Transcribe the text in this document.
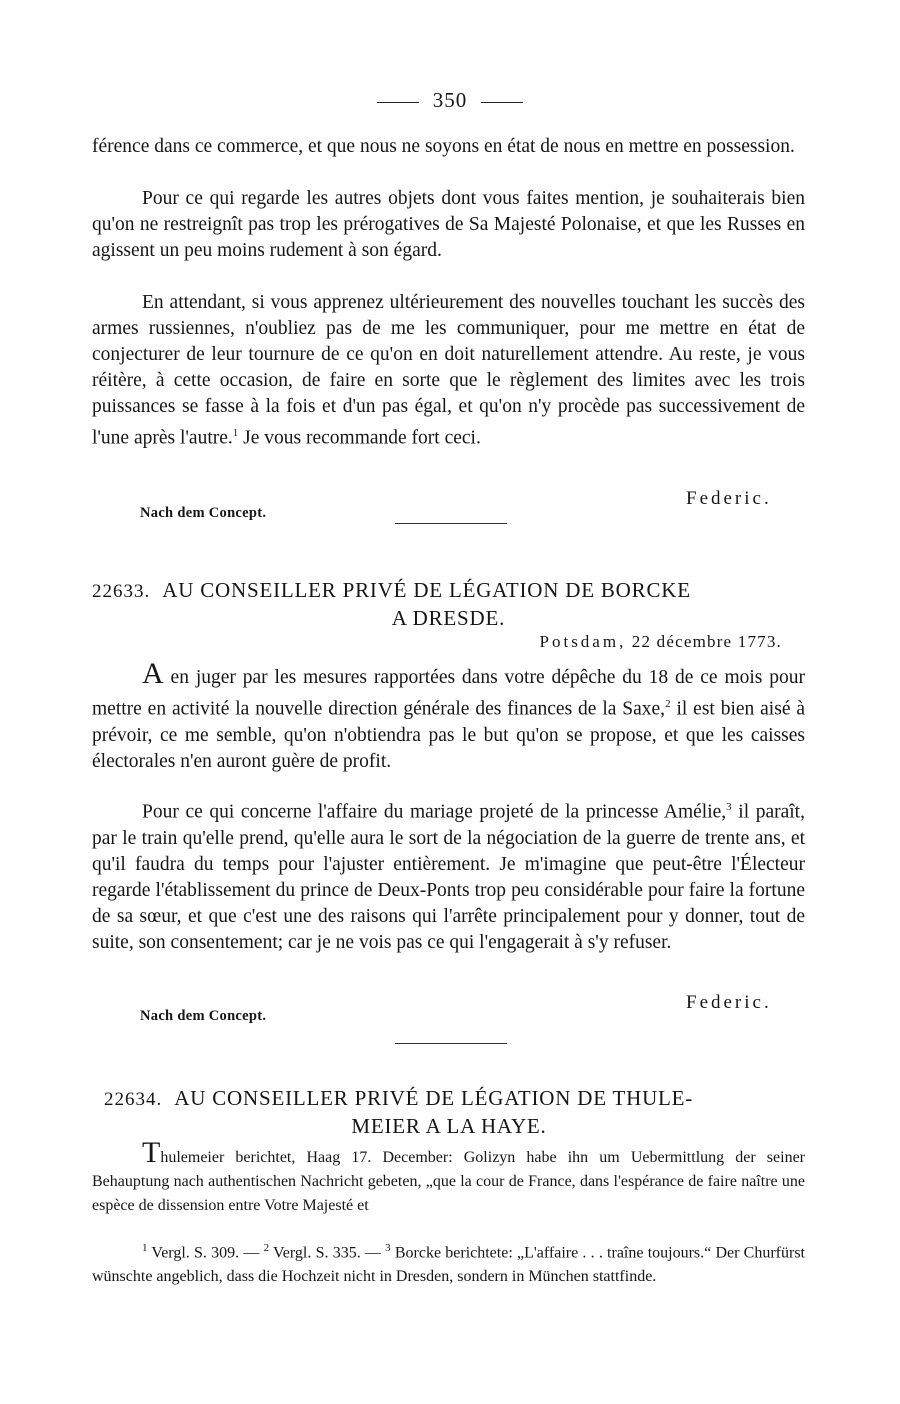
350

férence dans ce commerce, et que nous ne soyons en état de nous en mettre en possession.

Pour ce qui regarde les autres objets dont vous faites mention, je souhaiterais bien qu'on ne restreignît pas trop les prérogatives de Sa Majesté Polonaise, et que les Russes en agissent un peu moins rudement à son égard.

En attendant, si vous apprenez ultérieurement des nouvelles touchant les succès des armes russiennes, n'oubliez pas de me les communiquer, pour me mettre en état de conjecturer de leur tournure de ce qu'on en doit naturellement attendre. Au reste, je vous réitère, à cette occasion, de faire en sorte que le règlement des limites avec les trois puissances se fasse à la fois et d'un pas égal, et qu'on n'y procède pas successivement de l'une après l'autre.$^1$ Je vous recommande fort ceci.

Federic.
Nach dem Concept.
22633. AU CONSEILLER PRIVÉ DE LÉGATION DE BORCKE
A DRESDE.
Potsdam, 22 décembre 1773.

A en juger par les mesures rapportées dans votre dépêche du 18 de ce mois pour mettre en activité la nouvelle direction générale des finances de la Saxe,$^2$ il est bien aisé à prévoir, ce me semble, qu'on n'obtiendra pas le but qu'on se propose, et que les caisses électorales n'en auront guère de profit.

Pour ce qui concerne l'affaire du mariage projeté de la princesse Amélie,$^3$ il paraît, par le train qu'elle prend, qu'elle aura le sort de la négociation de la guerre de trente ans, et qu'il faudra du temps pour l'ajuster entièrement. Je m'imagine que peut-être l'Électeur regarde l'établissement du prince de Deux-Ponts trop peu considérable pour faire la fortune de sa sœur, et que c'est une des raisons qui l'arrête principalement pour y donner, tout de suite, son consentement; car je ne vois pas ce qui l'engagerait à s'y refuser.

Federic.
Nach dem Concept.
22634. AU CONSEILLER PRIVÉ DE LÉGATION DE THULE-
MEIER A LA HAYE.

Thulemeier berichtet, Haag 17. December: Golizyn habe ihn um Uebermittlung der seiner Behauptung nach authentischen Nachricht gebeten, „que la cour de France, dans l'espérance de faire naître une espèce de dissension entre Votre Majesté et

$^1$ Vergl. S. 309. — $^2$ Vergl. S. 335. — $^3$ Borcke berichtete: „L'affaire . . . traîne toujours.“ Der Churfürst wünschte angeblich, dass die Hochzeit nicht in Dresden, sondern in München stattfinde.
